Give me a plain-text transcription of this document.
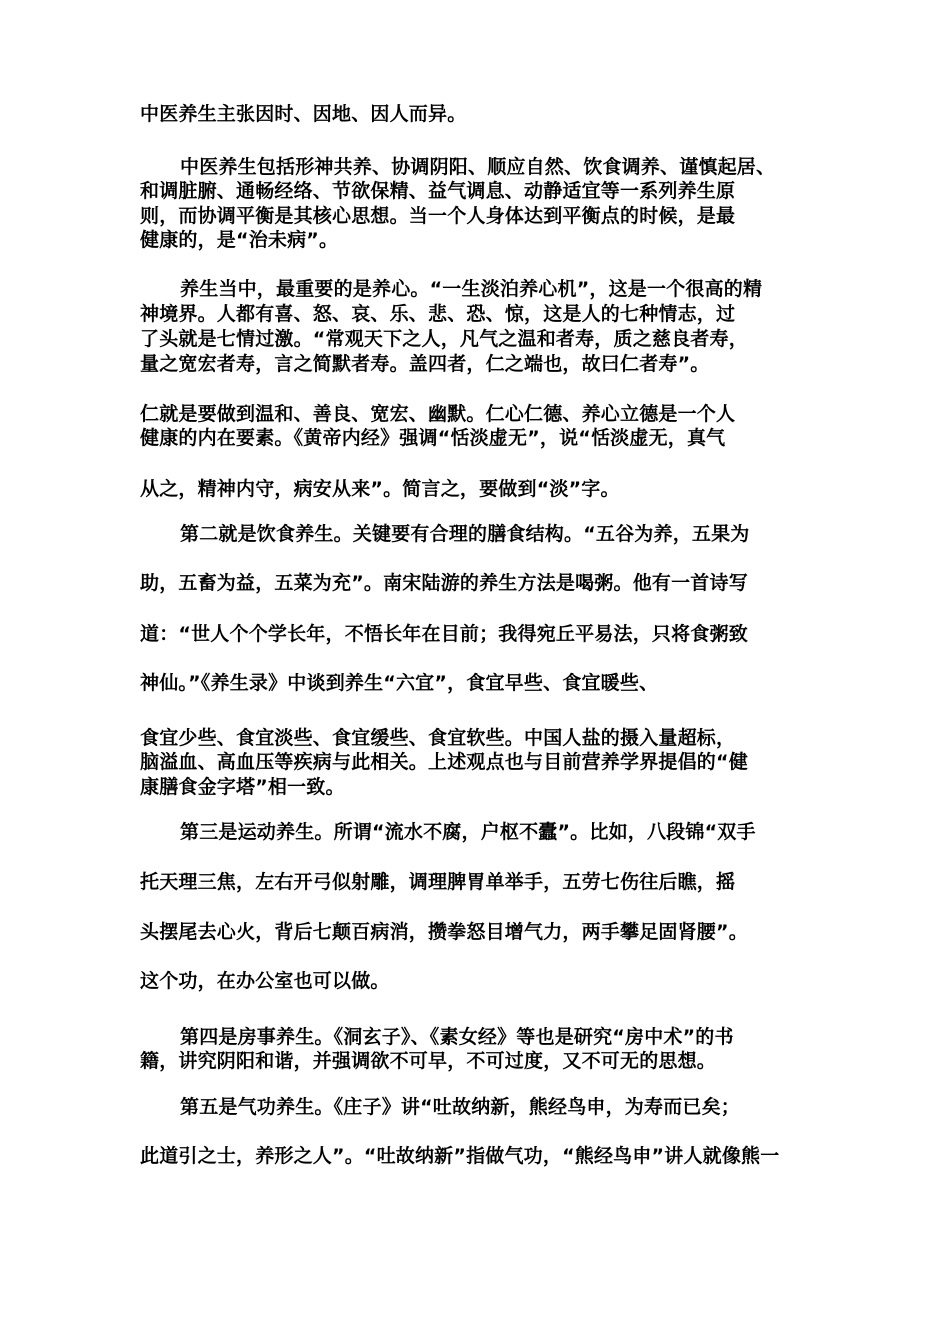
中医养生主张因时、因地、因人而异。
中医养生包括形神共养、协调阴阳、顺应自然、饮食调养、谨慎起居、
和调脏腑、通畅经络、节欲保精、益气调息、动静适宜等一系列养生原
则，而协调平衡是其核心思想。当一个人身体达到平衡点的时候，是最
健康的，是“治未病”。
养生当中，最重要的是养心。“一生淡泊养心机”，这是一个很高的精
神境界。人都有喜、怒、哀、乐、悲、恐、惊，这是人的七种情志，过
了头就是七情过激。“常观天下之人，凡气之温和者寿，质之慈良者寿，
量之宽宏者寿，言之简默者寿。盖四者，仁之端也，故曰仁者寿”。
仁就是要做到温和、善良、宽宏、幽默。仁心仁德、养心立德是一个人
健康的内在要素。《黄帝内经》强调“恬淡虚无”，说“恬淡虚无，真气
从之，精神内守，病安从来”。简言之，要做到“淡”字。
第二就是饮食养生。关键要有合理的膳食结构。“五谷为养，五果为
助，五畜为益，五菜为充”。南宋陆游的养生方法是喝粥。他有一首诗写
道：“世人个个学长年，不悟长年在目前；我得宛丘平易法，只将食粥致
神仙。”《养生录》中谈到养生“六宜”，食宜早些、食宜暖些、
食宜少些、食宜淡些、食宜缓些、食宜软些。中国人盐的摄入量超标，
脑溢血、高血压等疾病与此相关。上述观点也与目前营养学界提倡的“健
康膳食金字塔”相一致。
第三是运动养生。所谓“流水不腐，户枢不蠹”。比如，八段锦“双手
托天理三焦，左右开弓似射雕，调理脾胃单举手，五劳七伤往后瞧，摇
头摆尾去心火，背后七颠百病消，攒拳怒目增气力，两手攀足固肾腰”。
这个功，在办公室也可以做。
第四是房事养生。《洞玄子》、《素女经》等也是研究“房中术”的书
籍，讲究阴阳和谐，并强调欲不可早，不可过度，又不可无的思想。
第五是气功养生。《庄子》讲“吐故纳新，熊经鸟申，为寿而已矣；
此道引之士，养形之人”。“吐故纳新”指做气功，“熊经鸟申”讲人就像熊一
